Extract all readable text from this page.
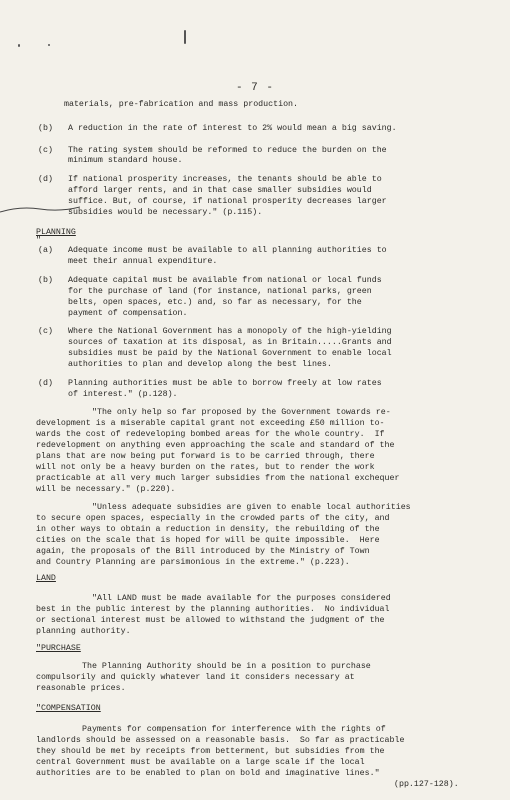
- 7 -

materials, pre-fabrication and mass production.

(b) A reduction in the rate of interest to 2% would mean a big saving.

(c) The rating system should be reformed to reduce the burden on the

minimum standard house.

(d) If national prosperity increases, the tenants should be able to

afford larger rents, and in that case smaller subsidies would

suffice. But, of course, if national prosperity decreases larger

subsidies would be necessary." (p.115).

PLANNING
"
(a) Adequate income must be available to all planning authorities to

meet their annual expenditure.

(b) Adequate capital must be available from national or local funds

for the purchase of land (for instance, national parks, green

belts, open spaces, etc.) and, so far as necessary, for the

payment of compensation.

(c) Where the National Government has a monopoly of the high-yielding

sources of taxation at its disposal, as in Britain.....Grants and

subsidies must be paid by the National Government to enable local

authorities to plan and develop along the best lines.

(d) Planning authorities must be able to borrow freely at low rates

of interest." (p.128).

"The only help so far proposed by the Government towards re-

development is a miserable capital grant not exceeding £50 million to-

wards the cost of redeveloping bombed areas for the whole country.  If

redevelopment on anything even approaching the scale and standard of the

plans that are now being put forward is to be carried through, there

will not only be a heavy burden on the rates, but to render the work

practicable at all very much larger subsidies from the national exchequer

will be necessary." (p.220).

"Unless adequate subsidies are given to enable local authorities

to secure open spaces, especially in the crowded parts of the city, and

in other ways to obtain a reduction in density, the rebuilding of the

cities on the scale that is hoped for will be quite impossible.  Here

again, the proposals of the Bill introduced by the Ministry of Town

and Country Planning are parsimonious in the extreme." (p.223).

LAND

"All LAND must be made available for the purposes considered

best in the public interest by the planning authorities.  No individual

or sectional interest must be allowed to withstand the judgment of the

planning authority.

"PURCHASE

The Planning Authority should be in a position to purchase

compulsorily and quickly whatever land it considers necessary at

reasonable prices.

"COMPENSATION

Payments for compensation for interference with the rights of

landlords should be assessed on a reasonable basis.  So far as practicable

they should be met by receipts from betterment, but subsidies from the

central Government must be available on a large scale if the local

authorities are to be enabled to plan on bold and imaginative lines."

(pp.127-128).
